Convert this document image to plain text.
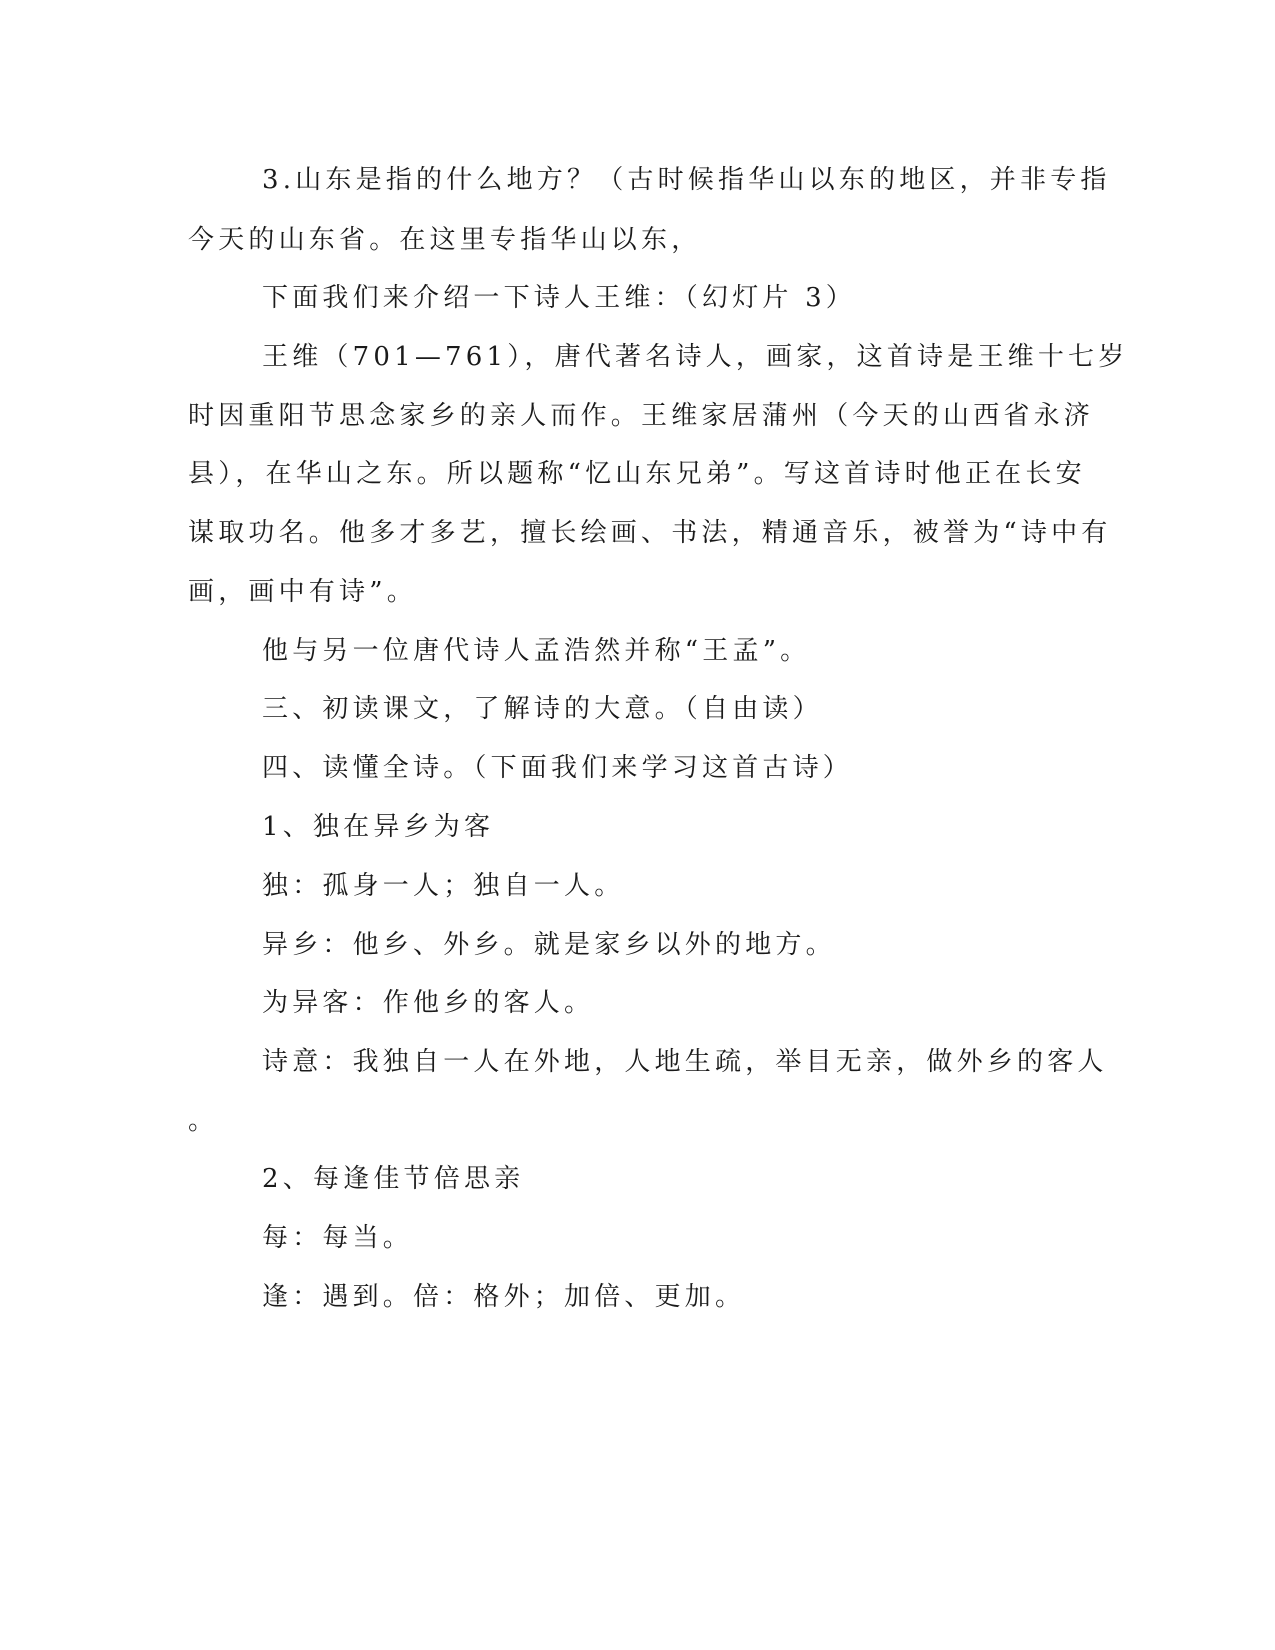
3.山东是指的什么地方？（古时候指华山以东的地区，并非专指
今天的山东省。在这里专指华山以东，
下面我们来介绍一下诗人王维：（幻灯片 3）
王维（701—761），唐代著名诗人，画家，这首诗是王维十七岁
时因重阳节思念家乡的亲人而作。王维家居蒲州（今天的山西省永济
县），在华山之东。所以题称“忆山东兄弟”。写这首诗时他正在长安
谋取功名。他多才多艺，擅长绘画、书法，精通音乐，被誉为“诗中有
画，画中有诗”。
他与另一位唐代诗人孟浩然并称“王孟”。
三、初读课文，了解诗的大意。（自由读）
四、读懂全诗。（下面我们来学习这首古诗）
1、独在异乡为客
独：孤身一人；独自一人。
异乡：他乡、外乡。就是家乡以外的地方。
为异客：作他乡的客人。
诗意：我独自一人在外地，人地生疏，举目无亲，做外乡的客人
。
2、每逢佳节倍思亲
每：每当。
逢：遇到。倍：格外；加倍、更加。
